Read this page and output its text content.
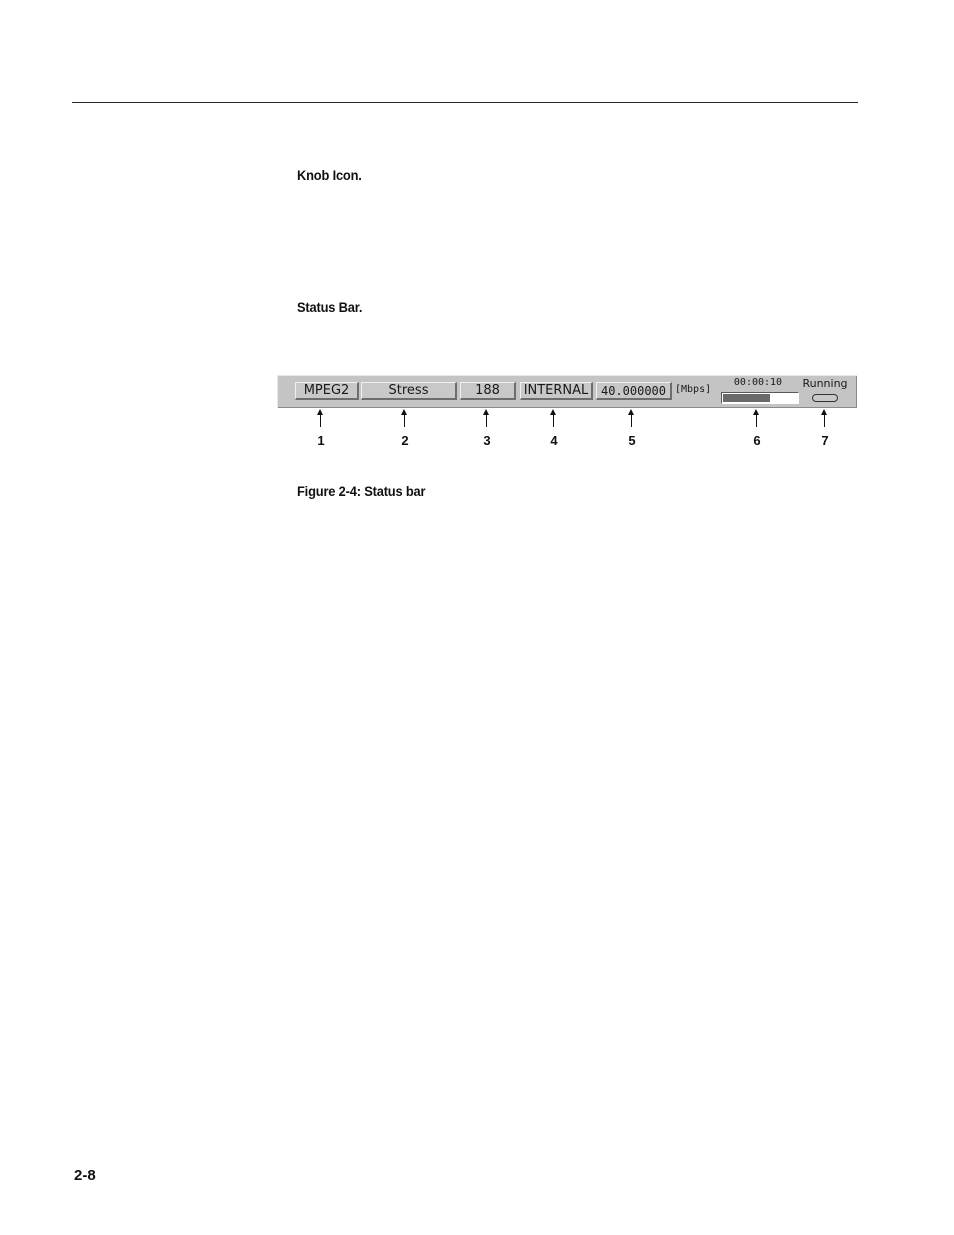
Knob Icon.
Status Bar.
MPEG2	Stress	188	INTERNAL	40.000000 [Mbps]
00:00:10	Running
1	2	3	4	5	6	7
Figure 2-4: Status bar
2-8
